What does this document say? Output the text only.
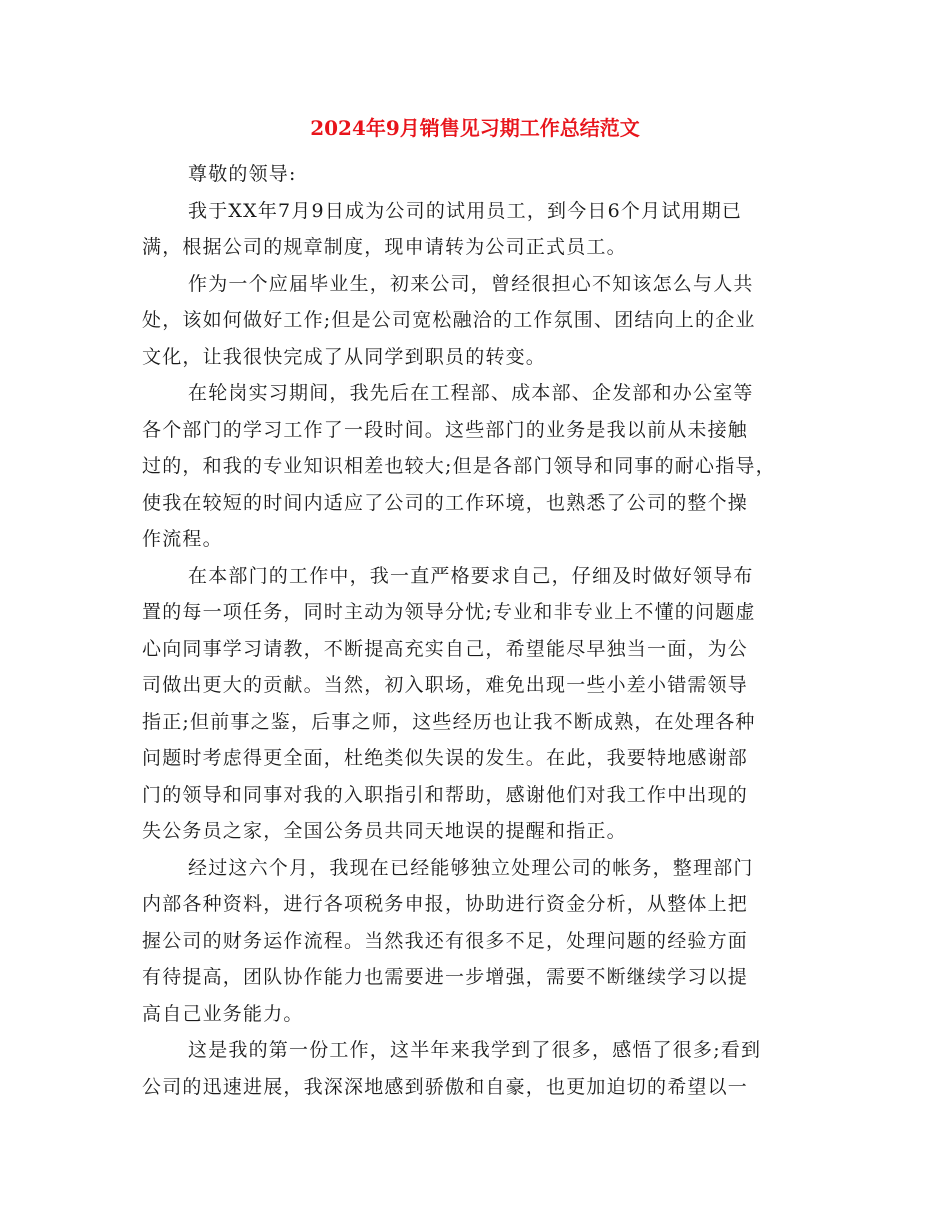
2024年9月销售见习期工作总结范文
尊敬的领导:
我于XX年7月9日成为公司的试用员工，到今日6个月试用期已
满，根据公司的规章制度，现申请转为公司正式员工。
作为一个应届毕业生，初来公司，曾经很担心不知该怎么与人共
处，该如何做好工作;但是公司宽松融洽的工作氛围、团结向上的企业
文化，让我很快完成了从同学到职员的转变。
在轮岗实习期间，我先后在工程部、成本部、企发部和办公室等
各个部门的学习工作了一段时间。这些部门的业务是我以前从未接触
过的，和我的专业知识相差也较大;但是各部门领导和同事的耐心指导，
使我在较短的时间内适应了公司的工作环境，也熟悉了公司的整个操
作流程。
在本部门的工作中，我一直严格要求自己，仔细及时做好领导布
置的每一项任务，同时主动为领导分忧;专业和非专业上不懂的问题虚
心向同事学习请教，不断提高充实自己，希望能尽早独当一面，为公
司做出更大的贡献。当然，初入职场，难免出现一些小差小错需领导
指正;但前事之鉴，后事之师，这些经历也让我不断成熟，在处理各种
问题时考虑得更全面，杜绝类似失误的发生。在此，我要特地感谢部
门的领导和同事对我的入职指引和帮助，感谢他们对我工作中出现的
失公务员之家，全国公务员共同天地误的提醒和指正。
经过这六个月，我现在已经能够独立处理公司的帐务，整理部门
内部各种资料，进行各项税务申报，协助进行资金分析，从整体上把
握公司的财务运作流程。当然我还有很多不足，处理问题的经验方面
有待提高，团队协作能力也需要进一步增强，需要不断继续学习以提
高自己业务能力。
这是我的第一份工作，这半年来我学到了很多，感悟了很多;看到
公司的迅速进展，我深深地感到骄傲和自豪，也更加迫切的希望以一
